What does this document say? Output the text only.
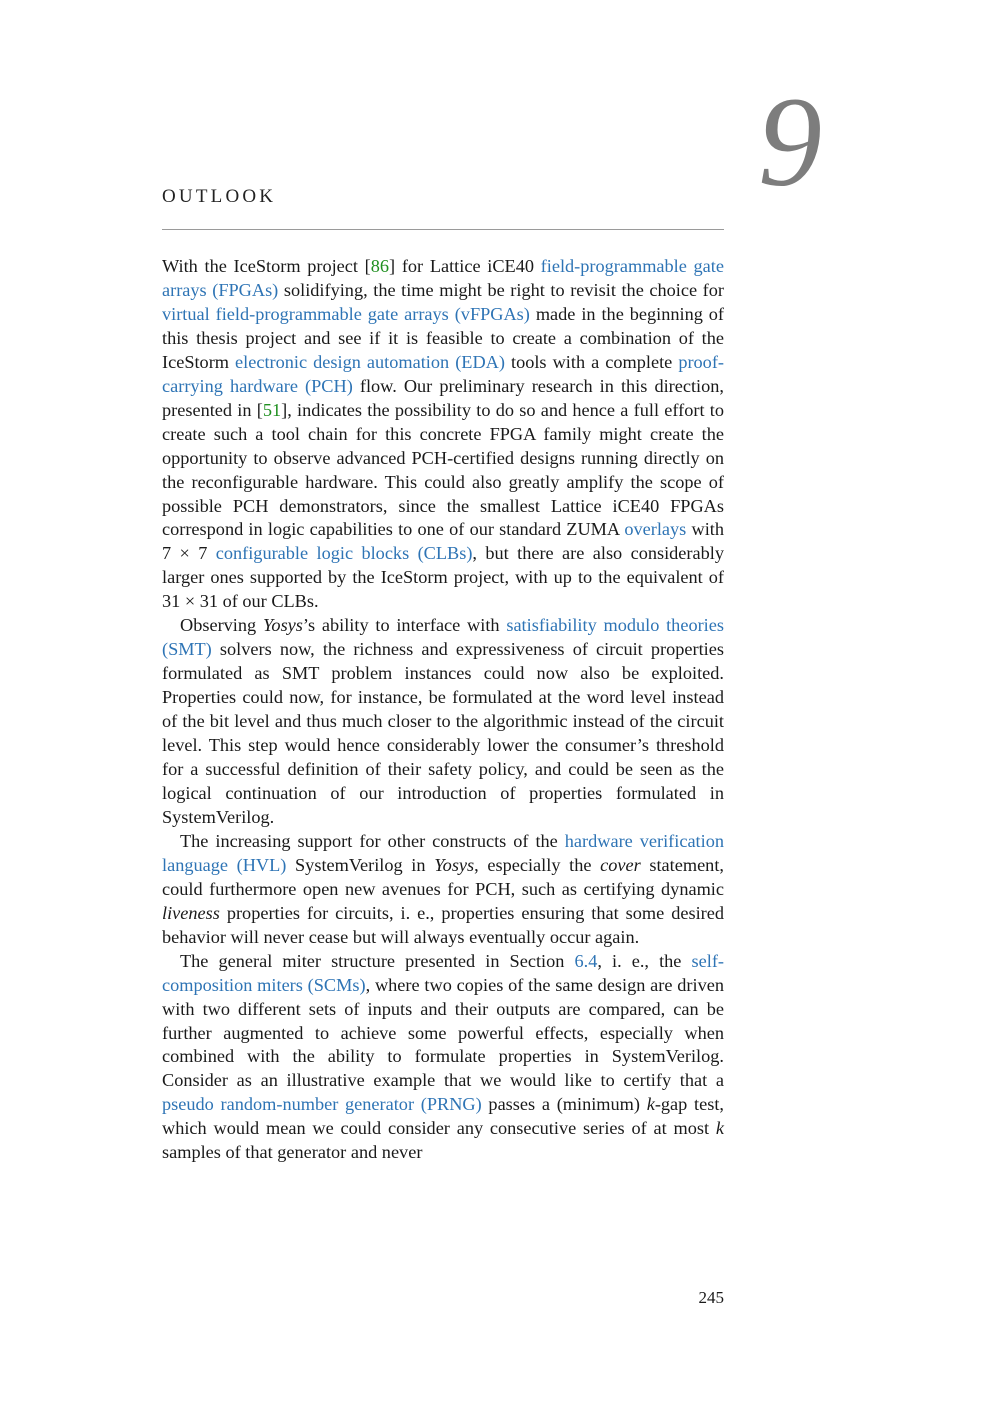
9
OUTLOOK

With the IceStorm project [86] for Lattice iCE40 field-programmable gate arrays (FPGAs) solidifying, the time might be right to revisit the choice for virtual field-programmable gate arrays (vFPGAs) made in the beginning of this thesis project and see if it is feasible to create a combination of the IceStorm electronic design automation (EDA) tools with a complete proof-carrying hardware (PCH) flow. Our preliminary research in this direction, presented in [51], indicates the possibility to do so and hence a full effort to create such a tool chain for this concrete FPGA family might create the opportunity to observe advanced PCH-certified designs running directly on the reconfigurable hardware. This could also greatly amplify the scope of possible PCH demonstrators, since the smallest Lattice iCE40 FPGAs correspond in logic capabilities to one of our standard ZUMA overlays with 7 × 7 configurable logic blocks (CLBs), but there are also considerably larger ones supported by the IceStorm project, with up to the equivalent of 31 × 31 of our CLBs.

Observing Yosys’s ability to interface with satisfiability modulo theories (SMT) solvers now, the richness and expressiveness of circuit properties formulated as SMT problem instances could now also be exploited. Properties could now, for instance, be formulated at the word level instead of the bit level and thus much closer to the algorithmic instead of the circuit level. This step would hence considerably lower the consumer’s threshold for a successful definition of their safety policy, and could be seen as the logical continuation of our introduction of properties formulated in SystemVerilog.

The increasing support for other constructs of the hardware verification language (HVL) SystemVerilog in Yosys, especially the cover statement, could furthermore open new avenues for PCH, such as certifying dynamic liveness properties for circuits, i. e., properties ensuring that some desired behavior will never cease but will always eventually occur again.

The general miter structure presented in Section 6.4, i. e., the self-composition miters (SCMs), where two copies of the same design are driven with two different sets of inputs and their outputs are compared, can be further augmented to achieve some powerful effects, especially when combined with the ability to formulate properties in SystemVerilog. Consider as an illustrative example that we would like to certify that a pseudo random-number generator (PRNG) passes a (minimum) k-gap test, which would mean we could consider any consecutive series of at most k samples of that generator and never

245
